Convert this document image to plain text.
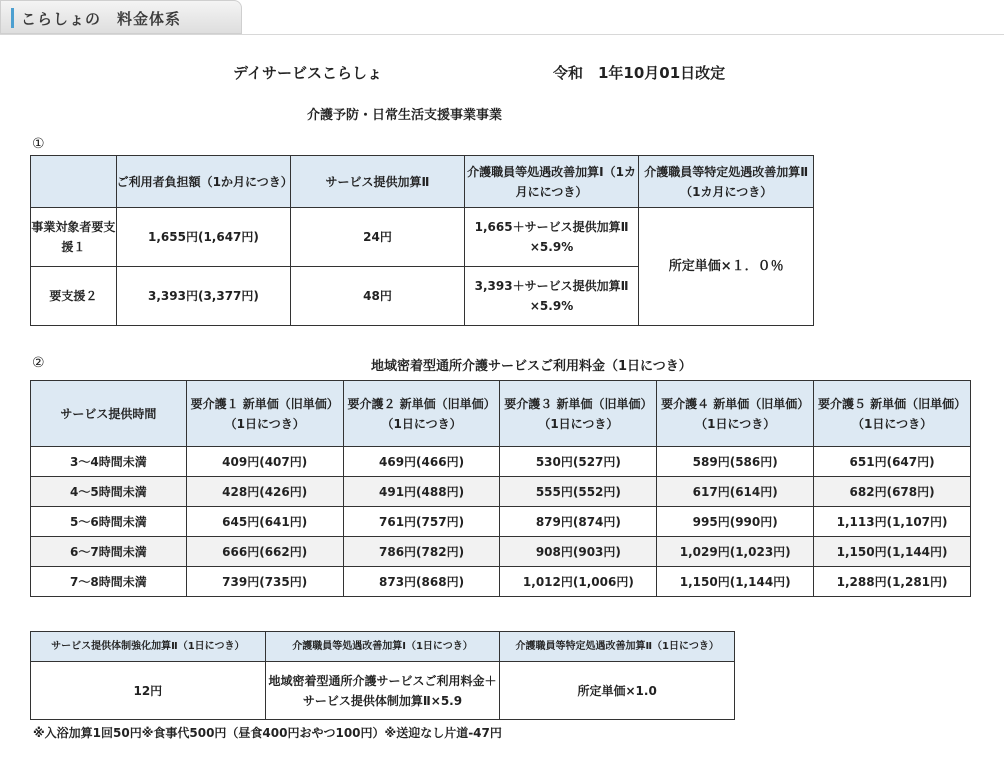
こらしょの　料金体系
デイサービスこらしょ	令和　1年10月01日改定
介護予防・日常生活支援事業事業
①
	ご利用者負担額（1か月につき）	サービス提供加算Ⅱ	介護職員等処遇改善加算Ⅰ（1カ月ににつき）	介護職員等特定処遇改善加算Ⅱ（1カ月につき）
事業対象者要支援１	1,655円(1,647円)	24円	1,665＋サービス提供加算Ⅱ ×5.9%	所定単価×１．０％
要支援２	3,393円(3,377円)	48円	3,393＋サービス提供加算Ⅱ ×5.9%	
②	地域密着型通所介護サービスご利用料金（1日につき）
サービス提供時間	要介護１ 新単価（旧単価） （1日につき）	要介護２ 新単価（旧単価） （1日につき）	要介護３ 新単価（旧単価） （1日につき）	要介護４ 新単価（旧単価） （1日につき）	要介護５ 新単価（旧単価） （1日につき）
3～4時間未満	409円(407円)	469円(466円)	530円(527円)	589円(586円)	651円(647円)
4～5時間未満	428円(426円)	491円(488円)	555円(552円)	617円(614円)	682円(678円)
5～6時間未満	645円(641円)	761円(757円)	879円(874円)	995円(990円)	1,113円(1,107円)
6～7時間未満	666円(662円)	786円(782円)	908円(903円)	1,029円(1,023円)	1,150円(1,144円)
7～8時間未満	739円(735円)	873円(868円)	1,012円(1,006円)	1,150円(1,144円)	1,288円(1,281円)
サービス提供体制強化加算Ⅱ（1日につき）	介護職員等処遇改善加算Ⅰ（1日につき）	介護職員等特定処遇改善加算Ⅱ（1日につき）
12円	地域密着型通所介護サービスご利用料金＋サービス提供体制加算Ⅱ×5.9	所定単価×1.0
※入浴加算1回50円※食事代500円（昼食400円おやつ100円）※送迎なし片道-47円
